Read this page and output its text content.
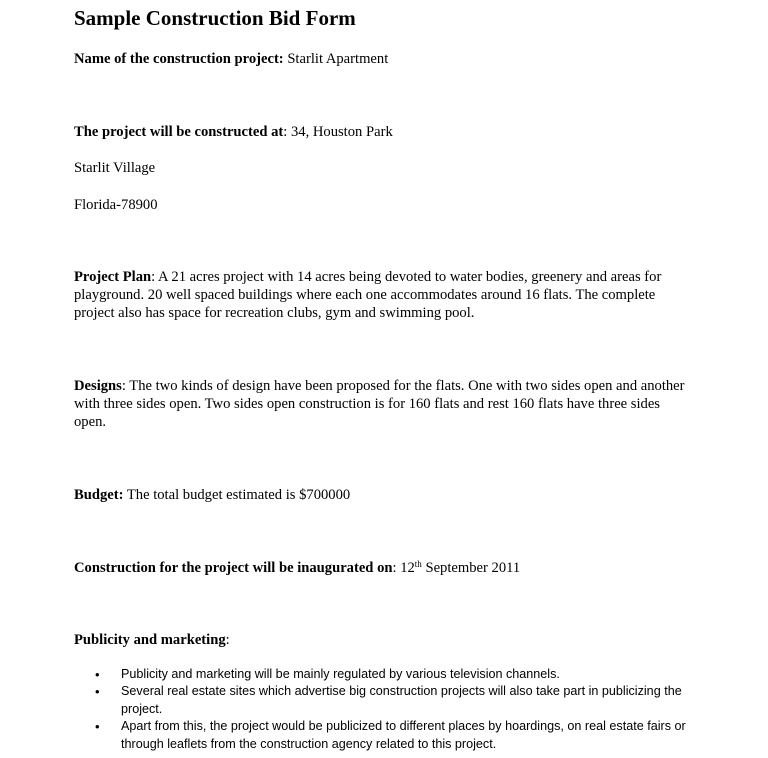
Sample Construction Bid Form

Name of the construction project: Starlit Apartment

The project will be constructed at: 34, Houston Park

Starlit Village

Florida-78900

Project Plan: A 21 acres project with 14 acres being devoted to water bodies, greenery and areas for playground. 20 well spaced buildings where each one accommodates around 16 flats. The complete project also has space for recreation clubs, gym and swimming pool.

Designs: The two kinds of design have been proposed for the flats. One with two sides open and another with three sides open. Two sides open construction is for 160 flats and rest 160 flats have three sides open.

Budget: The total budget estimated is $700000

Construction for the project will be inaugurated on: 12th September 2011

Publicity and marketing:

• Publicity and marketing will be mainly regulated by various television channels.
• Several real estate sites which advertise big construction projects will also take part in publicizing the project.
• Apart from this, the project would be publicized to different places by hoardings, on real estate fairs or through leaflets from the construction agency related to this project.
